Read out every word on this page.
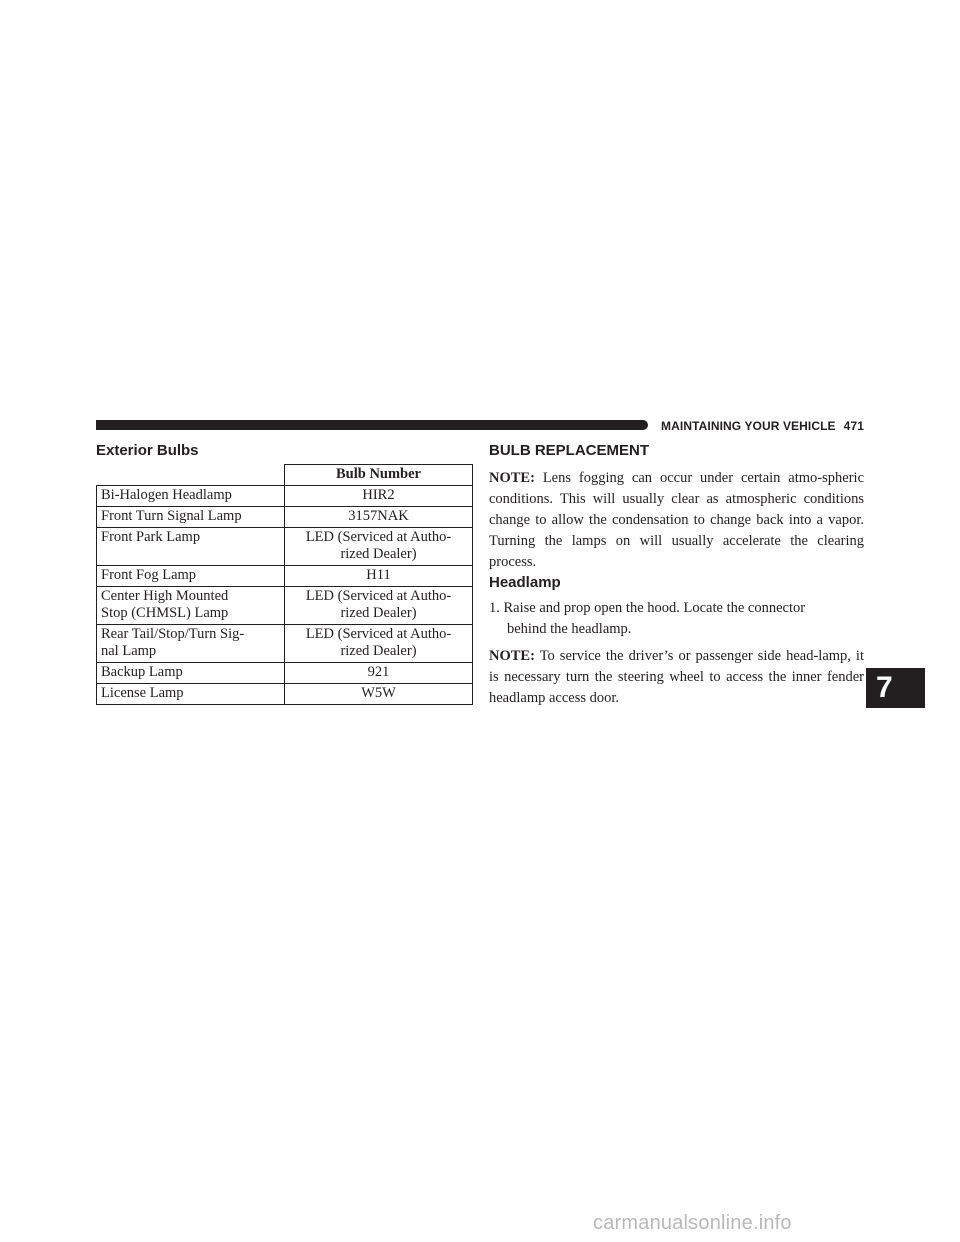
MAINTAINING YOUR VEHICLE 471
Exterior Bulbs
	Bulb Number
Bi-Halogen Headlamp	HIR2
Front Turn Signal Lamp	3157NAK
Front Park Lamp	LED (Serviced at Autho-
rized Dealer)
Front Fog Lamp	H11
Center High Mounted
Stop (CHMSL) Lamp	LED (Serviced at Autho-
rized Dealer)
Rear Tail/Stop/Turn Sig-
nal Lamp	LED (Serviced at Autho-
rized Dealer)
Backup Lamp	921
License Lamp	W5W
BULB REPLACEMENT

NOTE: Lens fogging can occur under certain atmo-spheric conditions. This will usually clear as atmospheric conditions change to allow the condensation to change back into a vapor. Turning the lamps on will usually accelerate the clearing process.

Headlamp

1. Raise and prop open the hood. Locate the connector
behind the headlamp.

NOTE: To service the driver’s or passenger side head-lamp, it is necessary turn the steering wheel to access the inner fender headlamp access door.	7
carmanualsonline.info
